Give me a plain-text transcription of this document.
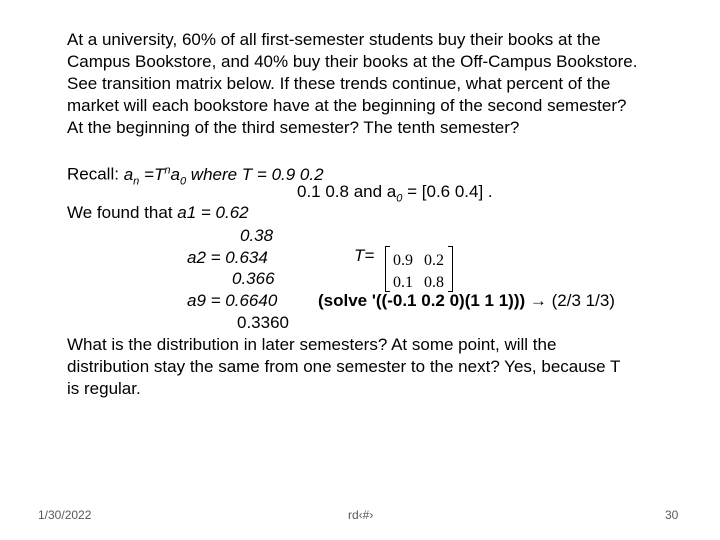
At a university, 60% of all first-semester students buy their books at the
Campus Bookstore, and 40% buy their books at the Off-Campus Bookstore.
See transition matrix below. If these trends continue, what percent of the
market will each bookstore have at the beginning of the second semester?
At the beginning of the third semester? The tenth semester?
Recall: $a_n =T^na_0$ where T = 0.9 0.2
0.1 0.8 and $a_0 = [0.6$ 0.4] .
We found that a1 = 0.62
0.38
a2 = 0.634	T=
0.366
0.9 0.2
0.1 0.8
a9 = 0.6640 (solve '((-0.1 0.2 0)(1 1 1))) → (2/3 1/3)
0.3360
What is the distribution in later semesters? At some point, will the
distribution stay the same from one semester to the next? Yes, because T
is regular.
1/30/2022	rd‹#›	30
